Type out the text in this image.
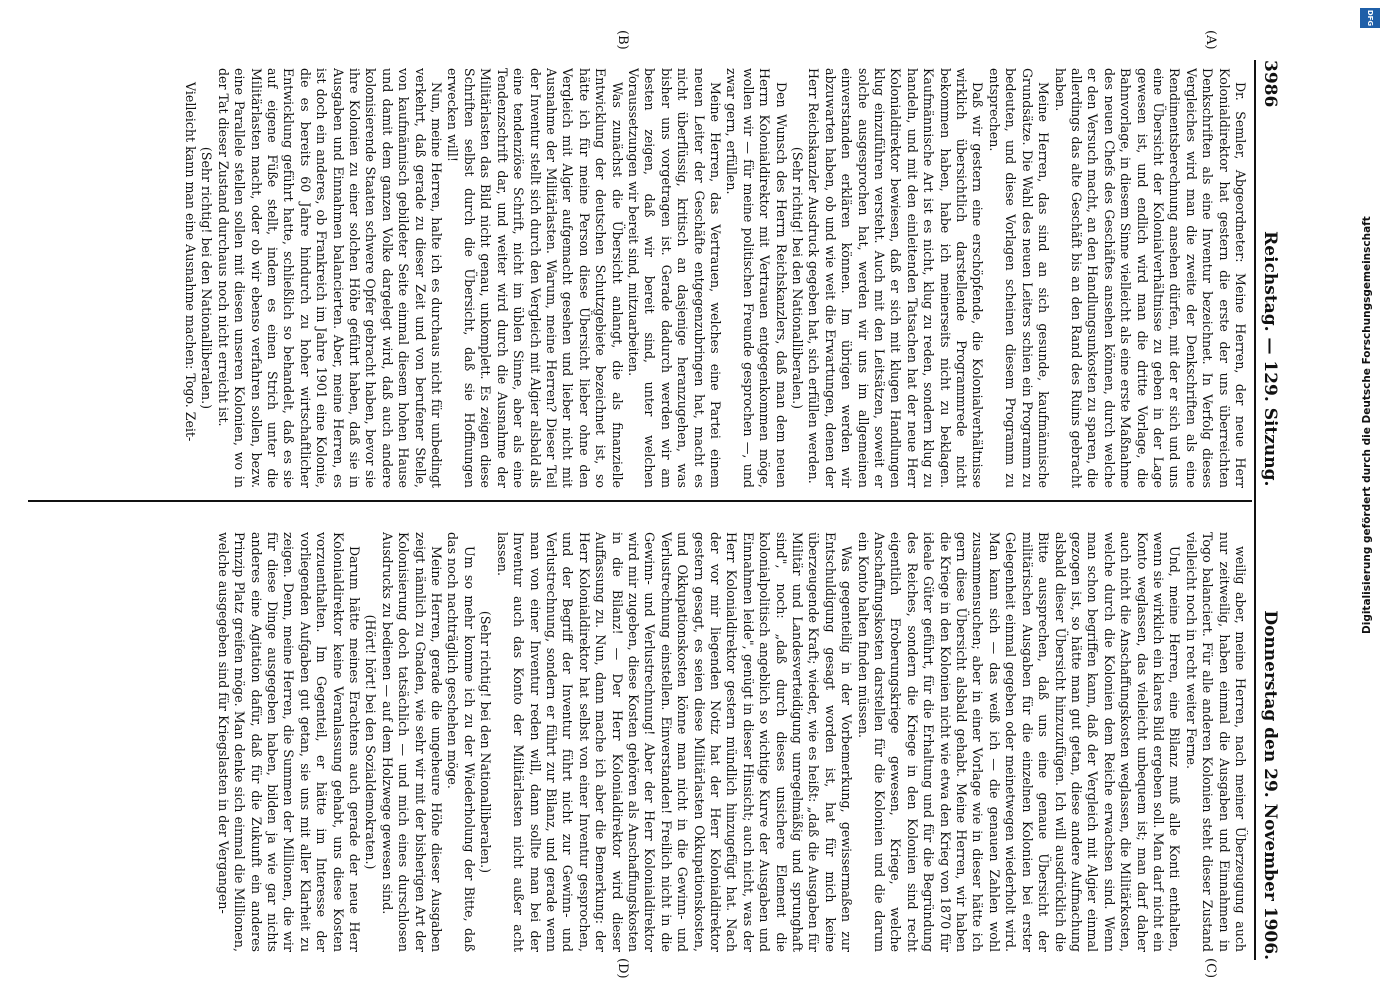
3986
Reichstag. — 129. Sitzung.
Donnerstag den 29. November 1906.
(A)
(B)
(C)
(D)

Dr. Semler, Abgeordneter: Meine Herren, der neue Herr Kolonialdirektor hat gestern die erste der uns überreichten Denkschriften als eine Inventur bezeichnet. In Verfolg dieses Vergleiches wird man die zweite der Denkschriften als eine Rendimentsberechnung ansehen dürfen, mit der er sich und uns eine Übersicht der Kolonialverhältnisse zu geben in der Lage gewesen ist, und endlich wird man die dritte Vorlage, die Bahnvorlage, in diesem Sinne vielleicht als eine erste Maßnahme des neuen Chefs des Geschäftes ansehen können, durch welche er den Versuch macht, an den Handlungsunkosten zu sparen, die allerdings das alte Geschäft bis an den Rand des Ruins gebracht haben.

Meine Herren, das sind an sich gesunde, kaufmännische Grundsätze. Die Wahl des neuen Leiters schien ein Programm zu bedeuten, und diese Vorlagen scheinen diesem Programm zu entsprechen.

Daß wir gestern eine erschöpfende, die Kolonialverhältnisse wirklich übersichtlich darstellende Programmrede nicht bekommen haben, habe ich meinerseits nicht zu beklagen. Kaufmännische Art ist es nicht, klug zu reden, sondern klug zu handeln, und mit den einleitenden Tatsachen hat der neue Herr Kolonialdirektor bewiesen, daß er sich mit klugen Handlungen klug einzuführen versteht. Auch mit den Leitsätzen, soweit er solche ausgesprochen hat, werden wir uns im allgemeinen einverstanden erklären können. Im übrigen werden wir abzuwarten haben, ob und wie weit die Erwartungen, denen der Herr Reichskanzler Ausdruck gegeben hat, sich erfüllen werden.

(Sehr richtig! bei den Nationalliberalen.)

Den Wunsch des Herrn Reichskanzlers, daß man dem neuen Herrn Kolonialdirektor mit Vertrauen entgegenkommen möge, wollen wir — für meine politischen Freunde gesprochen —, und zwar gern, erfüllen.

Meine Herren, das Vertrauen, welches eine Partei einem neuen Leiter der Geschäfte entgegenzubringen hat, macht es nicht überflüssig, kritisch an dasjenige heranzugehen, was bisher uns vorgetragen ist. Gerade dadurch werden wir am besten zeigen, daß wir bereit sind, unter welchen Voraussetzungen wir bereit sind, mitzuarbeiten.

Was zunächst die Übersicht anlangt, die als finanzielle Entwicklung der deutschen Schutzgebiete bezeichnet ist, so hätte ich für meine Person diese Übersicht lieber ohne den Vergleich mit Algier aufgemacht gesehen und lieber nicht mit Ausnahme der Militärlasten. Warum, meine Herren? Dieser Teil der Inventur stellt sich durch den Vergleich mit Algier alsbald als eine tendenziöse Schrift, nicht im üblen Sinne, aber als eine Tendenzschrift dar, und weiter wird durch die Ausnahme der Militärlasten das Bild nicht genau, unkomplett. Es zeigen diese Schriften selbst durch die Übersicht, daß sie Hoffnungen erwecken will!

Nun, meine Herren, halte ich es durchaus nicht für unbedingt verkehrt, daß gerade zu dieser Zeit und von berufener Stelle, von kaufmännisch gebildeter Seite einmal diesem hohen Hause und damit dem ganzen Volke dargelegt wird, daß auch andere kolonisierende Staaten schwere Opfer gebracht haben, bevor sie ihre Kolonien zu einer solchen Höhe geführt haben, daß sie in Ausgaben und Einnahmen balancierten. Aber, meine Herren, es ist doch ein anderes, ob Frankreich im Jahre 1901 eine Kolonie, die es bereits 60 Jahre hindurch zu hoher wirtschaftlicher Entwicklung geführt hatte, schließlich so behandelt, daß es sie auf eigene Füße stellt, indem es einen Strich unter die Militärlasten macht, oder ob wir ebenso verfahren sollen, bezw. eine Parallele stellen sollen mit diesen unseren Kolonien, wo in der Tat dieser Zustand durchaus noch nicht erreicht ist.

(Sehr richtig! bei den Nationalliberalen.)

Vielleicht kann man eine Ausnahme machen: Togo. Zeit-

weilig aber, meine Herren, nach meiner Überzeugung auch nur zeitweilig, haben einmal die Ausgaben und Einnahmen in Togo balanciert. Für alle anderen Kolonien steht dieser Zustand vielleicht noch in recht weiter Ferne.

Und, meine Herren, eine Bilanz muß alle Konti enthalten, wenn sie wirklich ein klares Bild ergeben soll. Man darf nicht ein Konto weglassen, das vielleicht unbequem ist; man darf daher auch nicht die Anschaffungskosten weglassen, die Militärkosten, welche durch die Kolonien dem Reiche erwachsen sind. Wenn man schon begriffen kann, daß der Vergleich mit Algier einmal gezogen ist, so hätte man gut getan, diese andere Aufmachung alsbald dieser Übersicht hinzuzufügen. Ich will ausdrücklich die Bitte aussprechen, daß uns eine genaue Übersicht der militärischen Ausgaben für die einzelnen Kolonien bei erster Gelegenheit einmal gegeben oder meinetwegen wiederholt wird. Man kann sich — das weiß ich — die genauen Zahlen wohl zusammensuchen; aber in einer Vorlage wie in dieser hätte ich gern diese Übersicht alsbald gehabt. Meine Herren, wir haben die Kriege in den Kolonien nicht wie etwa den Krieg von 1870 für ideale Güter geführt, für die Erhaltung und für die Begründung des Reiches, sondern die Kriege in den Kolonien sind recht eigentlich Eroberungskriege gewesen, Kriege, welche Anschaffungskosten darstellen für die Kolonien und die darum ein Konto halten finden müssen.

Was gegenteilig in der Vorbemerkung, gewissermaßen zur Entschuldigung gesagt worden ist, hat für mich keine überzeugende Kraft; wieder, wie es heißt: „daß die Ausgaben für Militär und Landesverteidigung unregelmäßig und sprunghaft sind", noch: „daß durch dieses unsichere Element die kolonialpolitisch angeblich so wichtige Kurve der Ausgaben und Einnahmen leide", genügt in dieser Hinsicht; auch nicht, was der Herr Kolonialdirektor gestern mündlich hinzugefügt hat. Nach der vor mir liegenden Notiz hat der Herr Kolonialdirektor gestern gesagt, es seien diese Militärlasten Okkupationskosten, und Okkupationskosten könne man nicht in die Gewinn- und Verlustrechnung einstellen. Einverstanden! Freilich nicht in die Gewinn- und Verlustrechnung! Aber der Herr Kolonialdirektor wird mir zugeben, diese Kosten gehören als Anschaffungskosten in die Bilanz! — Der Herr Kolonialdirektor wird dieser Auffassung zu. Nun, dann mache ich aber die Bemerkung: der Herr Kolonialdirektor hat selbst von einer Inventur gesprochen, und der Begriff der Inventur führt nicht zur Gewinn- und Verlustrechnung, sondern er führt zur Bilanz, und gerade wenn man von einer Inventur reden will, dann sollte man bei der Inventur auch das Konto der Militärlasten nicht außer acht lassen.

(Sehr richtig! bei den Nationalliberalen.)

Um so mehr komme ich zu der Wiederholung der Bitte, daß das noch nachträglich geschehen möge.

Meine Herren, gerade die ungeheure Höhe dieser Ausgaben zeigt nämlich zu Gnaden, wie sehr wir mit der bisherigen Art der Kolonisierung doch tatsächlich — und mich eines durschlosen Ausdrucks zu bedienen — auf dem Holzwege gewesen sind.

(Hört! hört! bei den Sozialdemokraten.)

Darum hätte meines Erachtens auch gerade der neue Herr Kolonialdirektor keine Veranlassung gehabt, uns diese Kosten vorzuenthalten. Im Gegenteil, er hätte im Interesse der vorliegenden Aufgaben gut getan, sie uns mit aller Klarheit zu zeigen. Denn, meine Herren, die Summen der Millionen, die wir für diese Dinge ausgegeben haben, bilden ja wie gar nichts anderes eine Agitation dafür, daß für die Zukunft ein anderes Prinzip Platz greifen möge. Man denke sich einmal die Millionen, welche ausgegeben sind für Kriegslasten in der Vergangen-

DFG
Digitalisierung gefördert durch die Deutsche Forschungsgemeinschaft
